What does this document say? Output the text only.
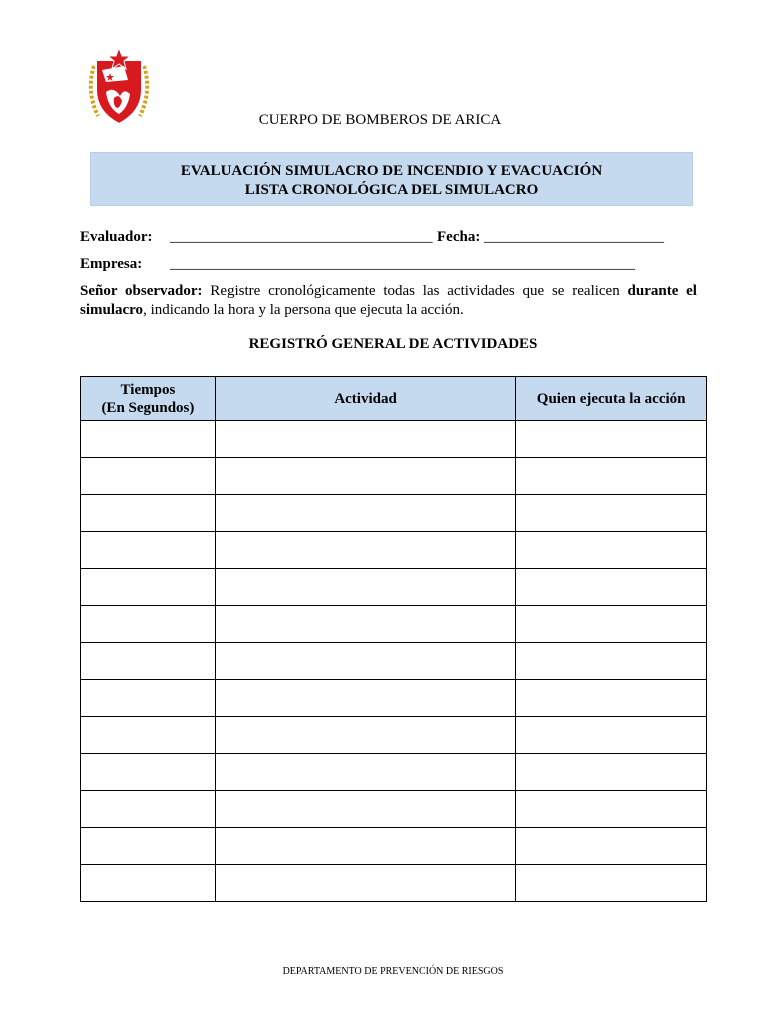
CUERPO DE BOMBEROS DE ARICA
EVALUACIÓN SIMULACRO DE INCENDIO Y EVACUACIÓN
LISTA CRONOLÓGICA DEL SIMULACRO
Evaluador: ___________________________________ Fecha: ________________________
Empresa: ______________________________________________________________
Señor observador: Registre cronológicamente todas las actividades que se realicen durante el simulacro, indicando la hora y la persona que ejecuta la acción.
REGISTRÓ GENERAL DE ACTIVIDADES
Tiempos
(En Segundos)	Actividad	Quien ejecuta la acción

DEPARTAMENTO DE PREVENCIÓN DE RIESGOS
